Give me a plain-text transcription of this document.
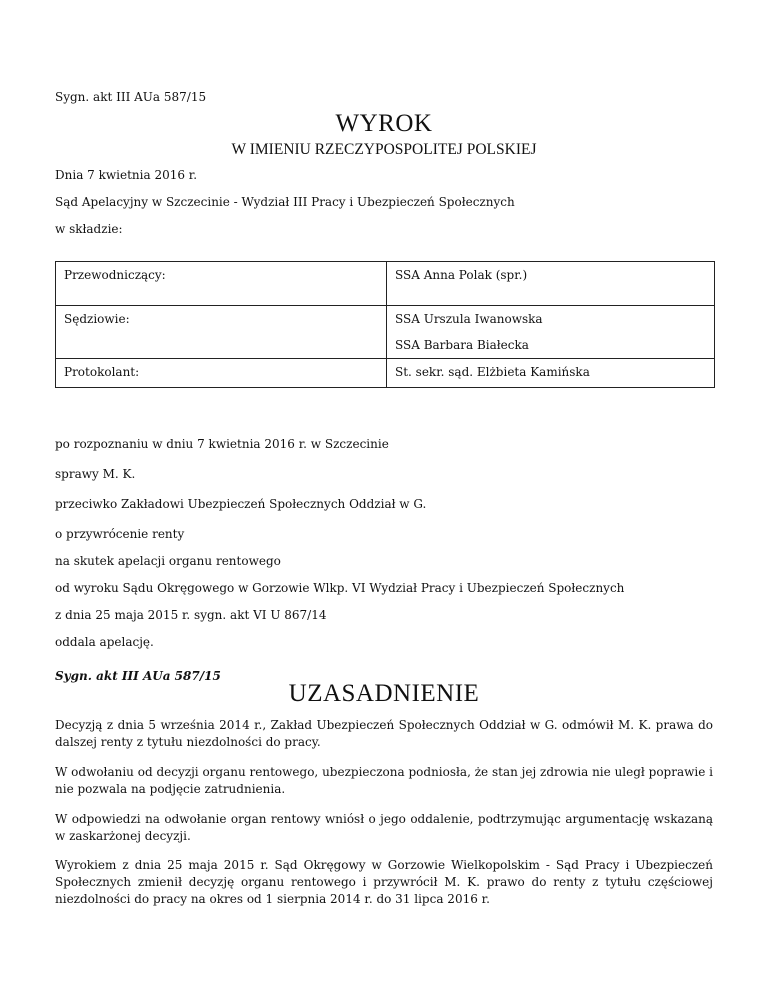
Sygn. akt III AUa 587/15
WYROK
W IMIENIU RZECZYPOSPOLITEJ POLSKIEJ
Dnia 7 kwietnia 2016 r.
Sąd Apelacyjny w Szczecinie - Wydział III Pracy i Ubezpieczeń Społecznych
w składzie:
Przewodniczący:	SSA Anna Polak (spr.)

Sędziowie:	SSA Urszula Iwanowska
SSA Barbara Białecka

Protokolant:	St. sekr. sąd. Elżbieta Kamińska
po rozpoznaniu w dniu 7 kwietnia 2016 r. w Szczecinie
sprawy M. K.
przeciwko Zakładowi Ubezpieczeń Społecznych Oddział w G.
o przywrócenie renty
na skutek apelacji organu rentowego
od wyroku Sądu Okręgowego w Gorzowie Wlkp. VI Wydział Pracy i Ubezpieczeń Społecznych
z dnia 25 maja 2015 r. sygn. akt VI U 867/14
oddala apelację.
Sygn. akt III AUa 587/15
UZASADNIENIE
Decyzją z dnia 5 września 2014 r., Zakład Ubezpieczeń Społecznych Oddział w G. odmówił M. K. prawa do dalszej renty z tytułu niezdolności do pracy.
W odwołaniu od decyzji organu rentowego, ubezpieczona podniosła, że stan jej zdrowia nie uległ poprawie i nie pozwala na podjęcie zatrudnienia.
W odpowiedzi na odwołanie organ rentowy wniósł o jego oddalenie, podtrzymując argumentację wskazaną w zaskarżonej decyzji.
Wyrokiem z dnia 25 maja 2015 r. Sąd Okręgowy w Gorzowie Wielkopolskim - Sąd Pracy i Ubezpieczeń Społecznych zmienił decyzję organu rentowego i przywrócił M. K. prawo do renty z tytułu częściowej niezdolności do pracy na okres od 1 sierpnia 2014 r. do 31 lipca 2016 r.
